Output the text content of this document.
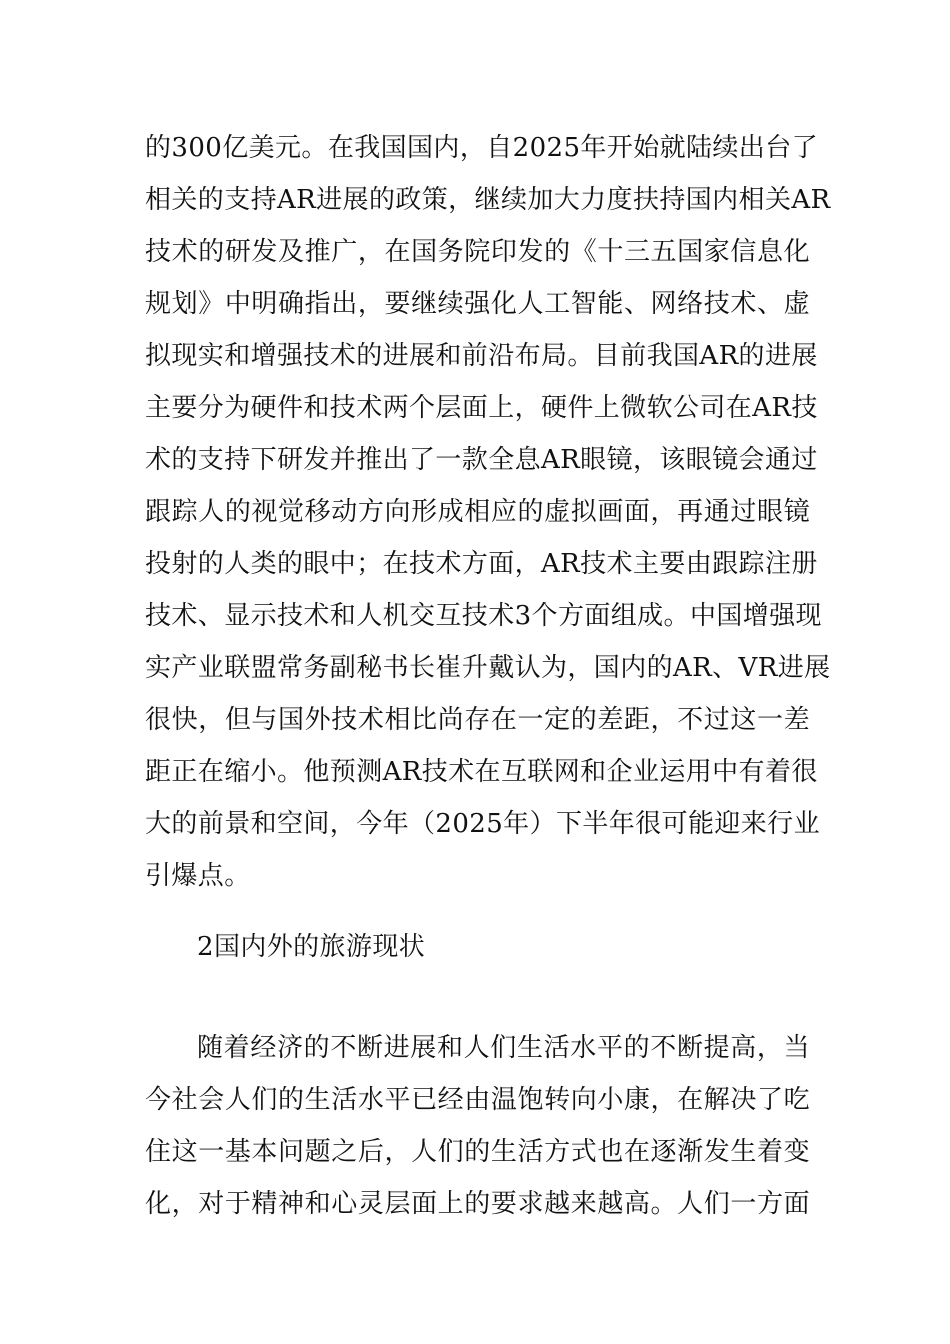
的300亿美元。在我国国内，自2025年开始就陆续出台了
相关的支持AR进展的政策，继续加大力度扶持国内相关AR
技术的研发及推广，在国务院印发的《十三五国家信息化
规划》中明确指出，要继续强化人工智能、网络技术、虚
拟现实和增强技术的进展和前沿布局。目前我国AR的进展
主要分为硬件和技术两个层面上，硬件上微软公司在AR技
术的支持下研发并推出了一款全息AR眼镜，该眼镜会通过
跟踪人的视觉移动方向形成相应的虚拟画面，再通过眼镜
投射的人类的眼中；在技术方面，AR技术主要由跟踪注册
技术、显示技术和人机交互技术3个方面组成。中国增强现
实产业联盟常务副秘书长崔升戴认为，国内的AR、VR进展
很快，但与国外技术相比尚存在一定的差距，不过这一差
距正在缩小。他预测AR技术在互联网和企业运用中有着很
大的前景和空间，今年（2025年）下半年很可能迎来行业
引爆点。
2国内外的旅游现状
随着经济的不断进展和人们生活水平的不断提高，当
今社会人们的生活水平已经由温饱转向小康，在解决了吃
住这一基本问题之后，人们的生活方式也在逐渐发生着变
化，对于精神和心灵层面上的要求越来越高。人们一方面
